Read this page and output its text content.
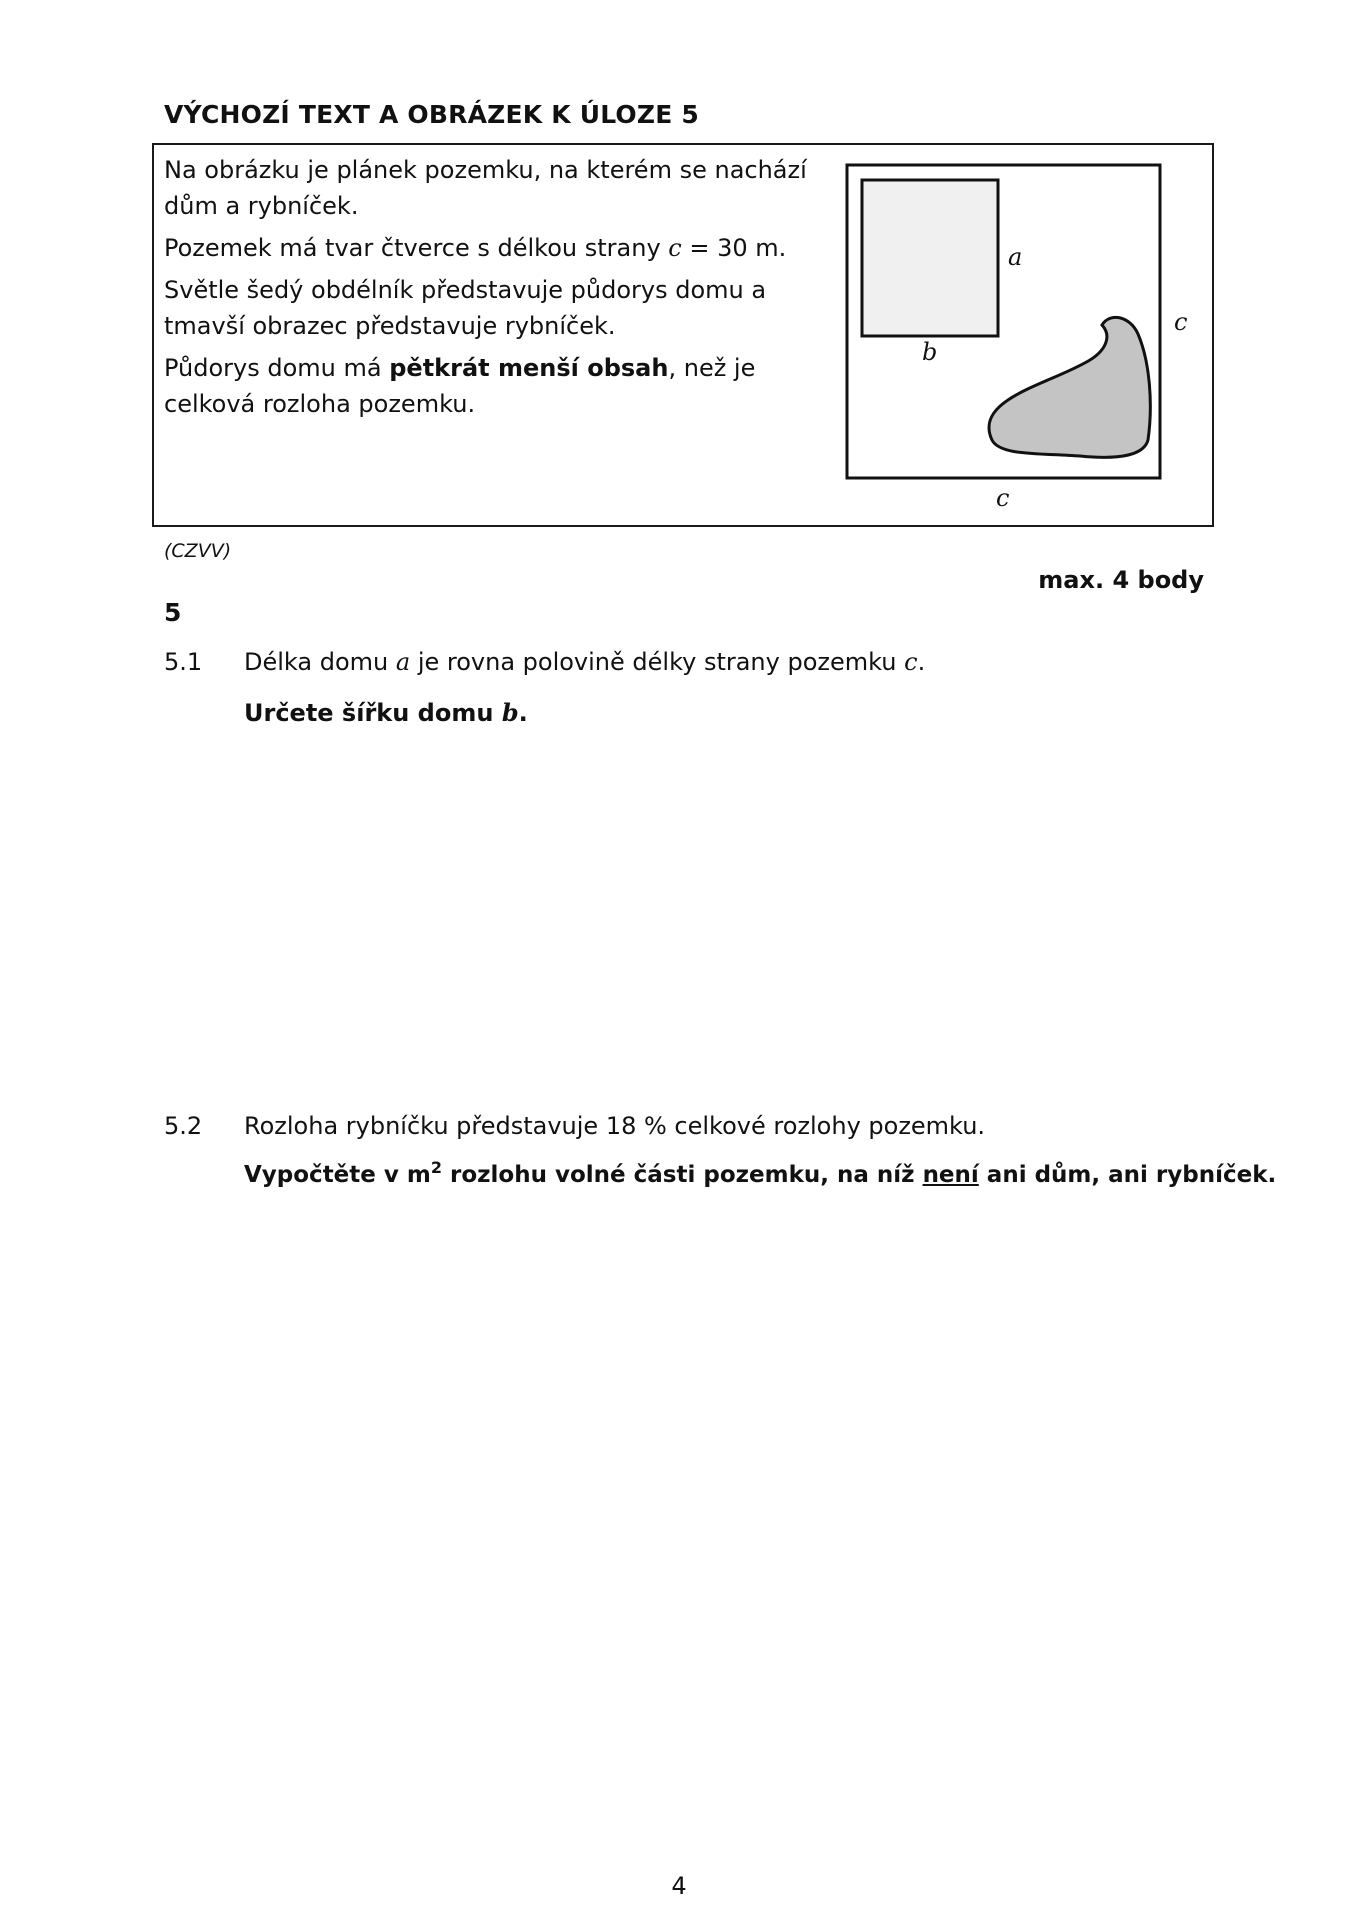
VÝCHOZÍ TEXT A OBRÁZEK K ÚLOZE 5

Na obrázku je plánek pozemku, na kterém se nachází dům a rybníček.

Pozemek má tvar čtverce s délkou strany c = 30 m.

Světle šedý obdélník představuje půdorys domu a tmavší obrazec představuje rybníček.

Půdorys domu má pětkrát menší obsah, než je celková rozloha pozemku.

a
b
c
c
(CZVV)
max. 4 body
5
5.1 Délka domu a je rovna polovině délky strany pozemku c.
Určete šířku domu b.
5.2 Rozloha rybníčku představuje 18 % celkové rozlohy pozemku.
Vypočtěte v $m^2$ rozlohu volné části pozemku, na níž není ani dům, ani rybníček.
4
